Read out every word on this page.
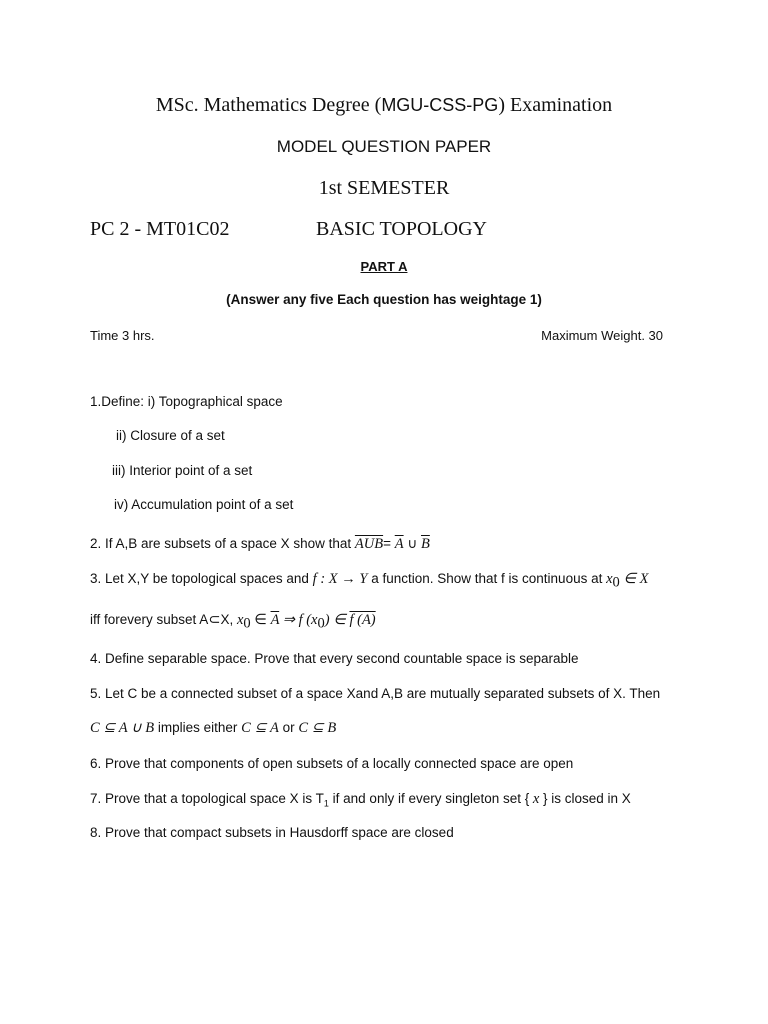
MSc. Mathematics Degree (MGU-CSS-PG) Examination
MODEL QUESTION PAPER
1st SEMESTER
PC 2 - MT01C02	BASIC TOPOLOGY
PART A
(Answer any five Each question has weightage 1)
Time 3 hrs.	Maximum Weight. 30
1.Define: i) Topographical space
ii) Closure of a set
iii) Interior point of a set
iv) Accumulation point of a set
2. If A,B are subsets of a space X show that $\overline{AUB}= \overline{A}$ ∪ $\overline{B}$
3. Let X,Y be topological spaces and f : X → Y a function. Show that f is continuous at $x_0$ ∈ X
iff forevery subset A⊂X, $x_0$ ∈ $\overline{A}$ ⇒ f $(x_0)$ ∈ f (A)
4. Define separable space. Prove that every second countable space is separable
5. Let C be a connected subset of a space Xand A,B are mutually separated subsets of X. Then
C ⊆ A ∪ B implies either C ⊆ A or C ⊆ B
6. Prove that components of open subsets of a locally connected space are open
7. Prove that a topological space X is $T_1$ if and only if every singleton set { x } is closed in X
8. Prove that compact subsets in Hausdorff space are closed
